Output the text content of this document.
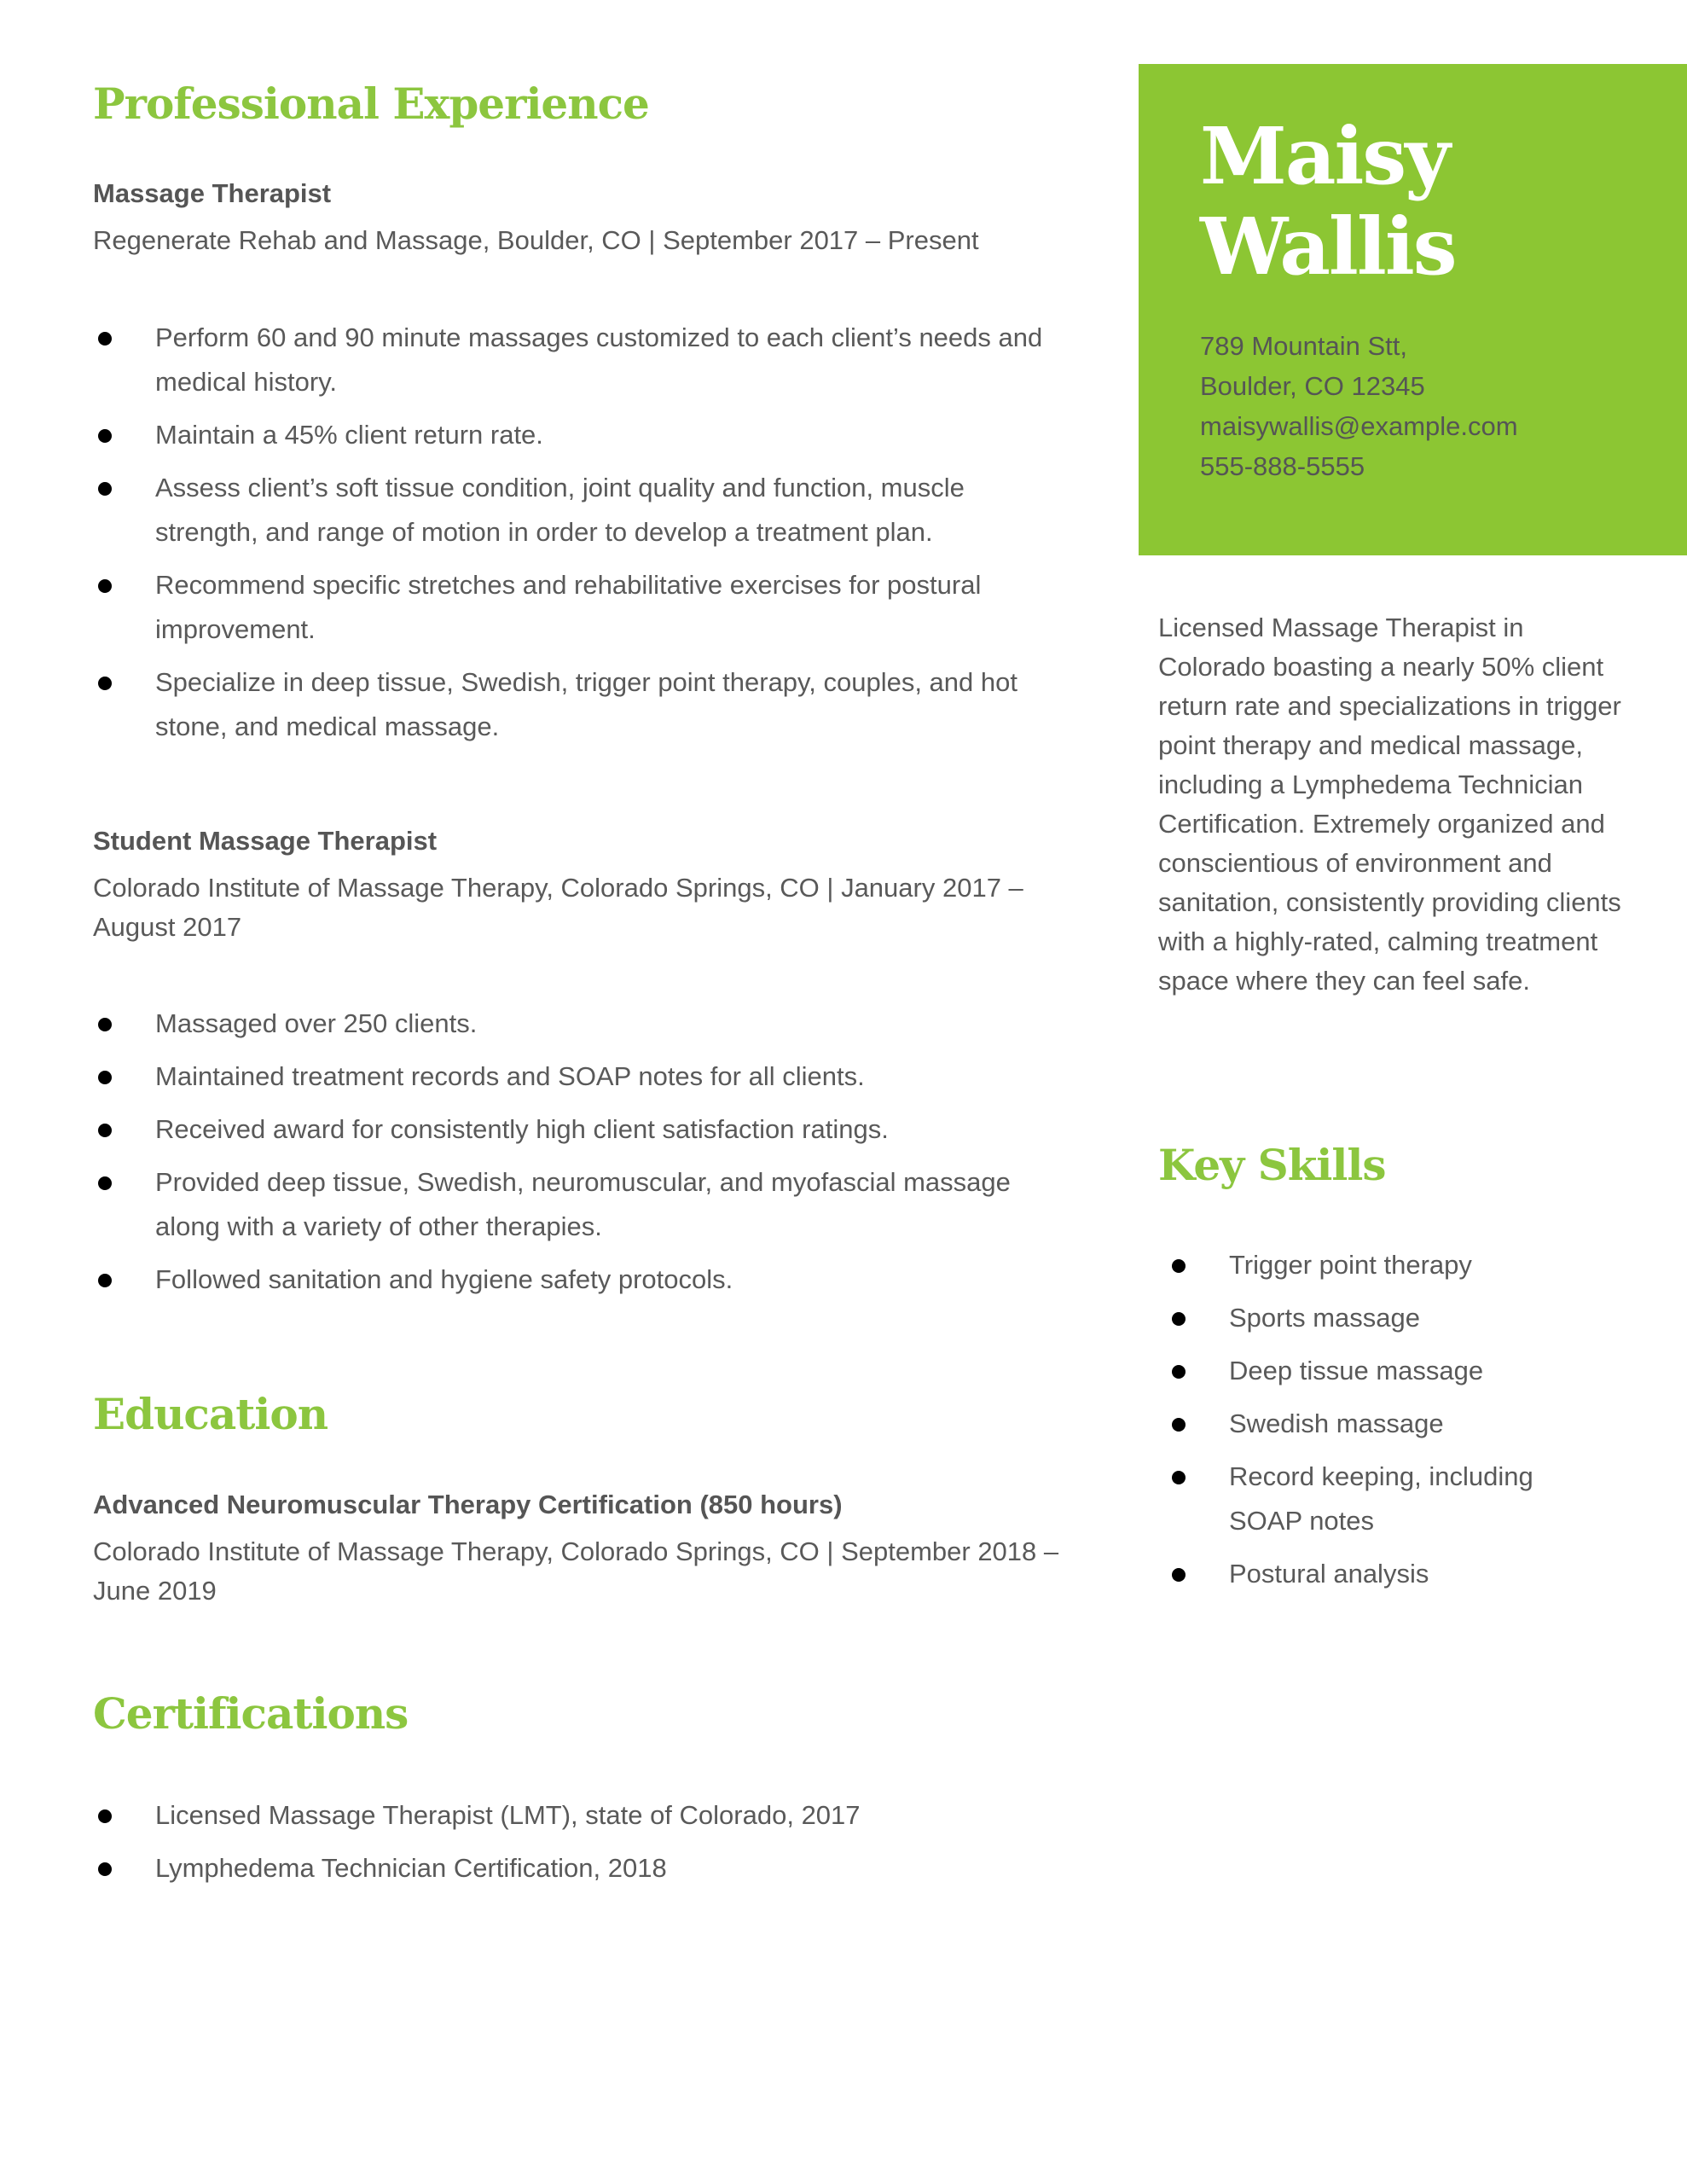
Professional Experience
Massage Therapist
Regenerate Rehab and Massage, Boulder, CO | September 2017 – Present
Perform 60 and 90 minute massages customized to each client’s needs and medical history.
Maintain a 45% client return rate.
Assess client’s soft tissue condition, joint quality and function, muscle strength, and range of motion in order to develop a treatment plan.
Recommend specific stretches and rehabilitative exercises for postural improvement.
Specialize in deep tissue, Swedish, trigger point therapy, couples, and hot stone, and medical massage.
Student Massage Therapist
Colorado Institute of Massage Therapy, Colorado Springs, CO | January 2017 – August 2017
Massaged over 250 clients.
Maintained treatment records and SOAP notes for all clients.
Received award for consistently high client satisfaction ratings.
Provided deep tissue, Swedish, neuromuscular, and myofascial massage along with a variety of other therapies.
Followed sanitation and hygiene safety protocols.
Education
Advanced Neuromuscular Therapy Certification (850 hours)
Colorado Institute of Massage Therapy, Colorado Springs, CO | September 2018 – June 2019
Certifications
Licensed Massage Therapist (LMT), state of Colorado, 2017
Lymphedema Technician Certification, 2018
Maisy
Wallis
789 Mountain Stt,
Boulder, CO 12345
maisywallis@example.com
555-888-5555
Licensed Massage Therapist in Colorado boasting a nearly 50% client return rate and specializations in trigger point therapy and medical massage, including a Lymphedema Technician Certification. Extremely organized and conscientious of environment and sanitation, consistently providing clients with a highly-rated, calming treatment space where they can feel safe.
Key Skills
Trigger point therapy
Sports massage
Deep tissue massage
Swedish massage
Record keeping, including SOAP notes
Postural analysis
